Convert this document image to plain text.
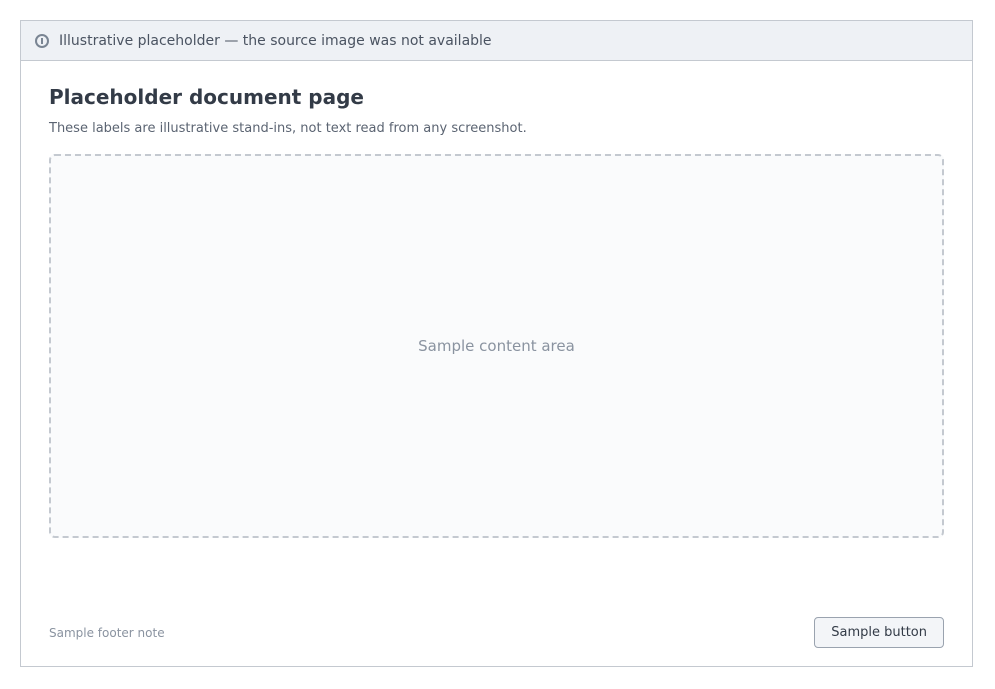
Illustrative placeholder — the source image was not available
Placeholder document page

These labels are illustrative stand-ins, not text read from any screenshot.

Sample content area
Sample footer note	Sample button
